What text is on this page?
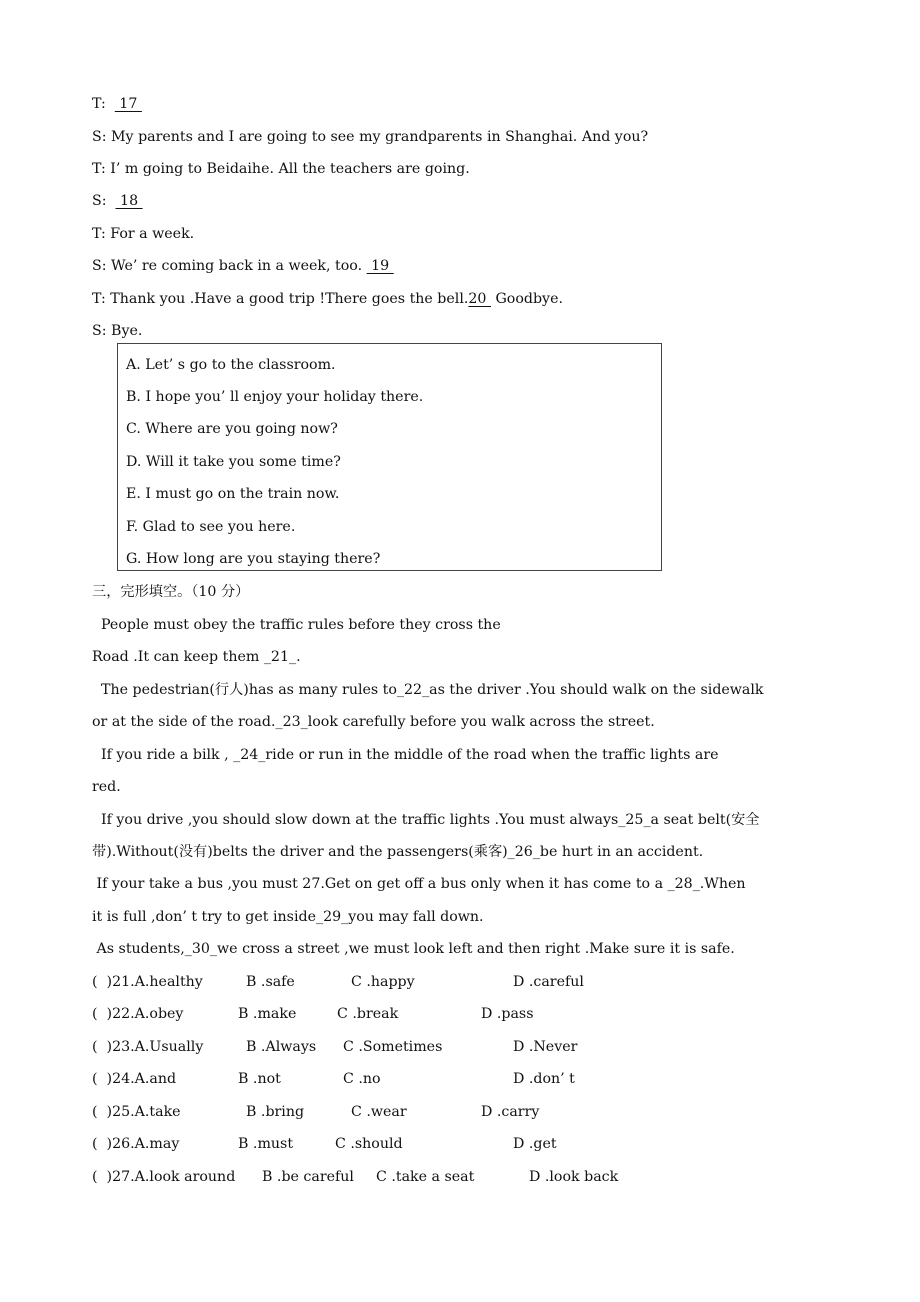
T:   17
S: My parents and I are going to see my grandparents in Shanghai. And you?
T: I’ m going to Beidaihe. All the teachers are going.
S:   18
T: For a week.
S: We’ re coming back in a week, too.  19
T: Thank you .Have a good trip !There goes the bell.20  Goodbye.
S: Bye.
A. Let’ s go to the classroom.
B. I hope you’ ll enjoy your holiday there.
C. Where are you going now?
D. Will it take you some time?
E. I must go on the train now.
F. Glad to see you here.
G. How long are you staying there?
三，完形填空。（10 分）
People must obey the traffic rules before they cross the
Road .It can keep them _21_.
The pedestrian(行人)has as many rules to_22_as the driver .You should walk on the sidewalk
or at the side of the road._23_look carefully before you walk across the street.
If you ride a bilk , _24_ride or run in the middle of the road when the traffic lights are
red.
If you drive ,you should slow down at the traffic lights .You must always_25_a seat belt(安全
带).Without(没有)belts the driver and the passengers(乘客)_26_be hurt in an accident.
If your take a bus ,you must 27.Get on get off a bus only when it has come to a _28_.When
it is full ,don’ t try to get inside_29_you may fall down.
As students,_30_we cross a street ,we must look left and then right .Make sure it is safe.
(  )21.A.healthy	B .safe	C .happy	D .careful
(  )22.A.obey	B .make	C .break	D .pass
(  )23.A.Usually	B .Always C .Sometimes	D .Never
(  )24.A.and	B .not	C .no	D .don’ t
(  )25.A.take	B .bring	C .wear	D .carry
(  )26.A.may	B .must	C .should	D .get
(  )27.A.look around B .be careful C .take a seat	D .look back
